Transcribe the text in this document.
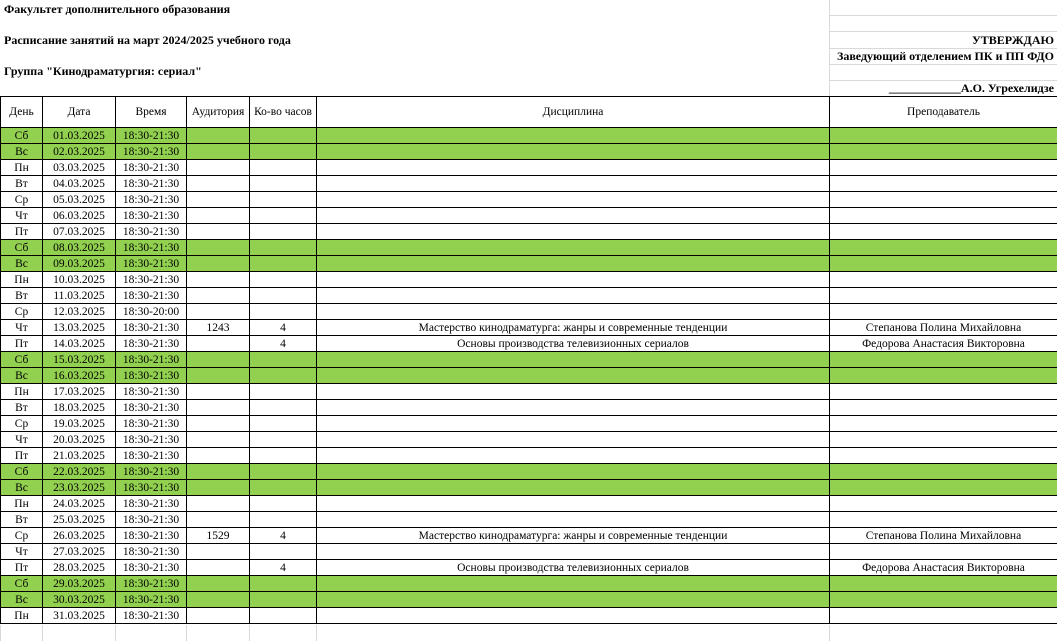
Факультет дополнительного образования
Расписание занятий на март 2024/2025 учебного года
Группа "Кинодраматургия: сериал"
УТВЕРЖДАЮ
Заведующий отделением ПК и ПП ФДО
____________А.О. Угрехелидзе
День	Дата	Время	Аудитория	Ко-во часов	Дисциплина	Преподаватель
Сб	01.03.2025	18:30-21:30				
Вс	02.03.2025	18:30-21:30				
Пн	03.03.2025	18:30-21:30				
Вт	04.03.2025	18:30-21:30				
Ср	05.03.2025	18:30-21:30				
Чт	06.03.2025	18:30-21:30				
Пт	07.03.2025	18:30-21:30				
Сб	08.03.2025	18:30-21:30				
Вс	09.03.2025	18:30-21:30				
Пн	10.03.2025	18:30-21:30				
Вт	11.03.2025	18:30-21:30				
Ср	12.03.2025	18:30-20:00				
Чт	13.03.2025	18:30-21:30	1243	4	Мастерство кинодраматурга: жанры и современные тенденции	Степанова Полина Михайловна
Пт	14.03.2025	18:30-21:30		4	Основы производства телевизионных сериалов	Федорова Анастасия Викторовна
Сб	15.03.2025	18:30-21:30				
Вс	16.03.2025	18:30-21:30				
Пн	17.03.2025	18:30-21:30				
Вт	18.03.2025	18:30-21:30				
Ср	19.03.2025	18:30-21:30				
Чт	20.03.2025	18:30-21:30				
Пт	21.03.2025	18:30-21:30				
Сб	22.03.2025	18:30-21:30				
Вс	23.03.2025	18:30-21:30				
Пн	24.03.2025	18:30-21:30				
Вт	25.03.2025	18:30-21:30				
Ср	26.03.2025	18:30-21:30	1529	4	Мастерство кинодраматурга: жанры и современные тенденции	Степанова Полина Михайловна
Чт	27.03.2025	18:30-21:30				
Пт	28.03.2025	18:30-21:30		4	Основы производства телевизионных сериалов	Федорова Анастасия Викторовна
Сб	29.03.2025	18:30-21:30				
Вс	30.03.2025	18:30-21:30				
Пн	31.03.2025	18:30-21:30				
